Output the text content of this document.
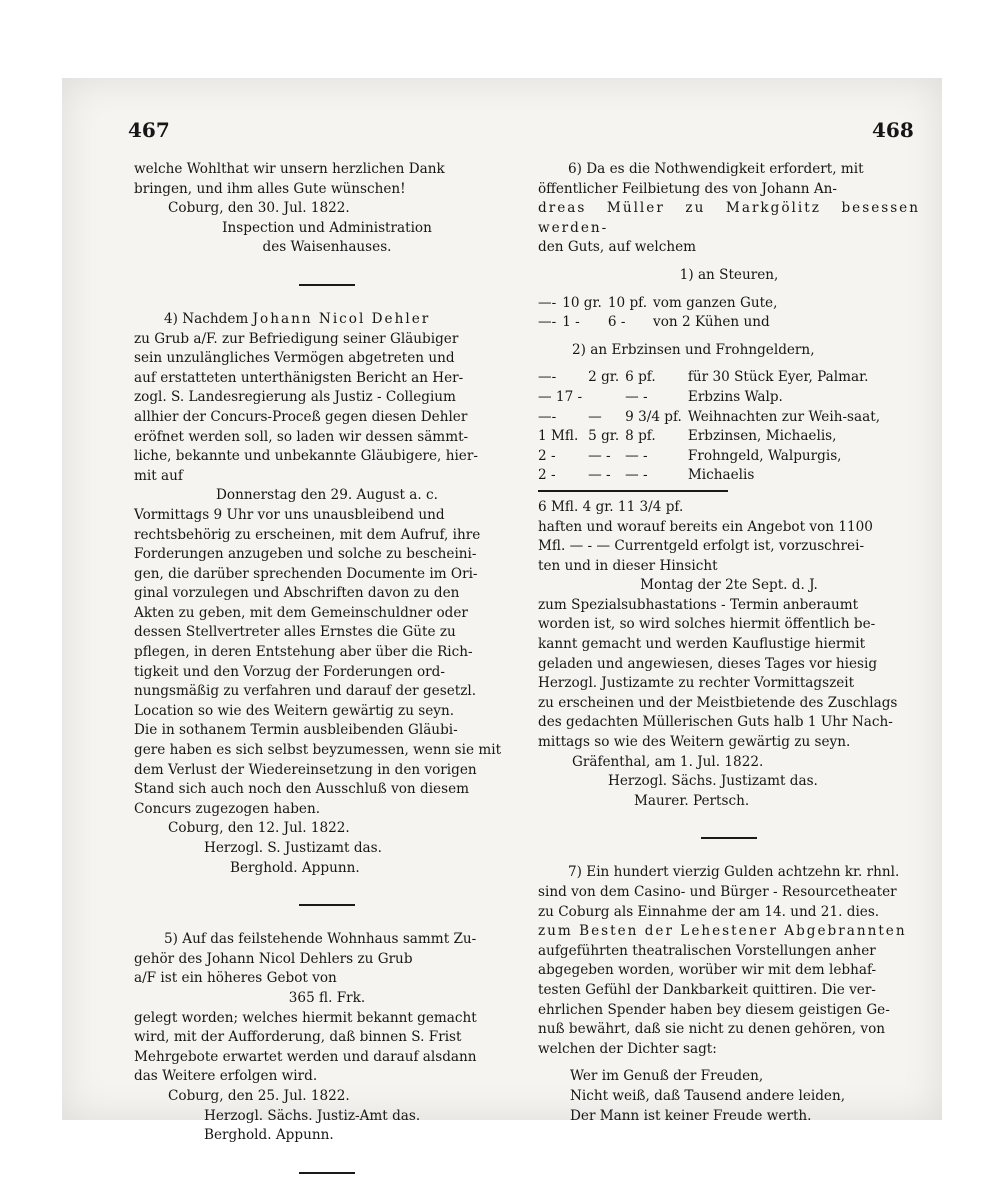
467	468

welche Wohlthat wir unsern herzlichen Dank

bringen, und ihm alles Gute wünschen!

Coburg, den 30. Jul. 1822.

Inspection und Administration

des Waisenhauses.

4) Nachdem Johann Nicol Dehler

zu Grub a/F. zur Befriedigung seiner Gläubiger

sein unzulängliches Vermögen abgetreten und

auf erstatteten unterthänigsten Bericht an Her-

zogl. S. Landesregierung als Justiz - Collegium

allhier der Concurs-Proceß gegen diesen Dehler

eröfnet werden soll, so laden wir dessen sämmt-

liche, bekannte und unbekannte Gläubigere, hier-

mit auf

Donnerstag den 29. August a. c.

Vormittags 9 Uhr vor uns unausbleibend und

rechtsbehörig zu erscheinen, mit dem Aufruf, ihre

Forderungen anzugeben und solche zu bescheini-

gen, die darüber sprechenden Documente im Ori-

ginal vorzulegen und Abschriften davon zu den

Akten zu geben, mit dem Gemeinschuldner oder

dessen Stellvertreter alles Ernstes die Güte zu

pflegen, in deren Entstehung aber über die Rich-

tigkeit und den Vorzug der Forderungen ord-

nungsmäßig zu verfahren und darauf der gesetzl.

Location so wie des Weitern gewärtig zu seyn.

Die in sothanem Termin ausbleibenden Gläubi-

gere haben es sich selbst beyzumessen, wenn sie mit

dem Verlust der Wiedereinsetzung in den vorigen

Stand sich auch noch den Ausschluß von diesem

Concurs zugezogen haben.

Coburg, den 12. Jul. 1822.

Herzogl. S. Justizamt das.

Berghold. Appunn.

5) Auf das feilstehende Wohnhaus sammt Zu-

gehör des Johann Nicol Dehlers zu Grub

a/F ist ein höheres Gebot von

365 fl. Frk.

gelegt worden; welches hiermit bekannt gemacht

wird, mit der Aufforderung, daß binnen S. Frist

Mehrgebote erwartet werden und darauf alsdann

das Weitere erfolgen wird.

Coburg, den 25. Jul. 1822.

Herzogl. Sächs. Justiz-Amt das.

Berghold. Appunn.

6) Da es die Nothwendigkeit erfordert, mit

öffentlicher Feilbietung des von Johann An-

dreas Müller zu Markgölitz besessen werden-

den Guts, auf welchem

1) an Steuren,

—-	10 gr.	10 pf.	vom ganzen Gute,
—-	1 -	6 -	von 2 Kühen und

2) an Erbzinsen und Frohngeldern,

—-	2 gr.	6 pf.	für 30 Stück Eyer, Palmar.
— 17 -		— -	Erbzins Walp.
—-	—	9 3/4 pf.	Weihnachten zur Weih-saat,
1 Mfl.	5 gr.	8 pf.	Erbzinsen, Michaelis,
2 -	— -	— -	Frohngeld, Walpurgis,
2 -	— -	— -	Michaelis

6 Mfl. 4 gr. 11 3/4 pf.

haften und worauf bereits ein Angebot von 1100

Mfl. — - — Currentgeld erfolgt ist, vorzuschrei-

ten und in dieser Hinsicht

Montag der 2te Sept. d. J.

zum Spezialsubhastations - Termin anberaumt

worden ist, so wird solches hiermit öffentlich be-

kannt gemacht und werden Kauflustige hiermit

geladen und angewiesen, dieses Tages vor hiesig

Herzogl. Justizamte zu rechter Vormittagszeit

zu erscheinen und der Meistbietende des Zuschlags

des gedachten Müllerischen Guts halb 1 Uhr Nach-

mittags so wie des Weitern gewärtig zu seyn.

Gräfenthal, am 1. Jul. 1822.

Herzogl. Sächs. Justizamt das.

Maurer. Pertsch.

7) Ein hundert vierzig Gulden achtzehn kr. rhnl.

sind von dem Casino- und Bürger - Resourcetheater

zu Coburg als Einnahme der am 14. und 21. dies.

zum Besten der Lehestener Abgebrannten

aufgeführten theatralischen Vorstellungen anher

abgegeben worden, worüber wir mit dem lebhaf-

testen Gefühl der Dankbarkeit quittiren. Die ver-

ehrlichen Spender haben bey diesem geistigen Ge-

nuß bewährt, daß sie nicht zu denen gehören, von

welchen der Dichter sagt:

Wer im Genuß der Freuden,

Nicht weiß, daß Tausend andere leiden,

Der Mann ist keiner Freude werth.
